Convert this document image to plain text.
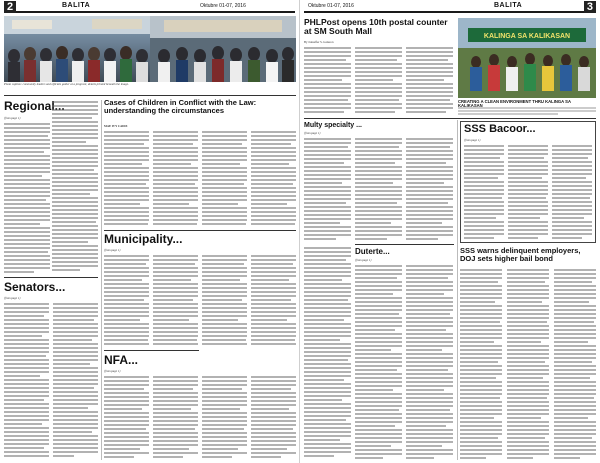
2	BALITA	Oktubre 01-07, 2016
Photo caption: community leaders and officials gather at a program; details printed beneath the image.
Regional...
(from page 1)
Senators...
(from page 1)
Cases of Children in Conflict with the Law: understanding the circumstances
MAE IVY CADIZ
Municipality...
(from page 1)
NFA...
(from page 1)
Oktubre 01-07, 2016	BALITA	3
PHLPost opens 10th postal counter at SM South Mall
By Janneffer S. Gatuzon
KALINGA SA KALIKASAN
CREATING A CLEAN ENVIRONMENT THRU KALINGA SA KALIKASAN
Multy specialty ...
(from page 1)
Duterte...
(from page 1)
SSS Bacoor...
(from page 1)
SSS warns delinquent employers, DOJ sets higher bail bond
